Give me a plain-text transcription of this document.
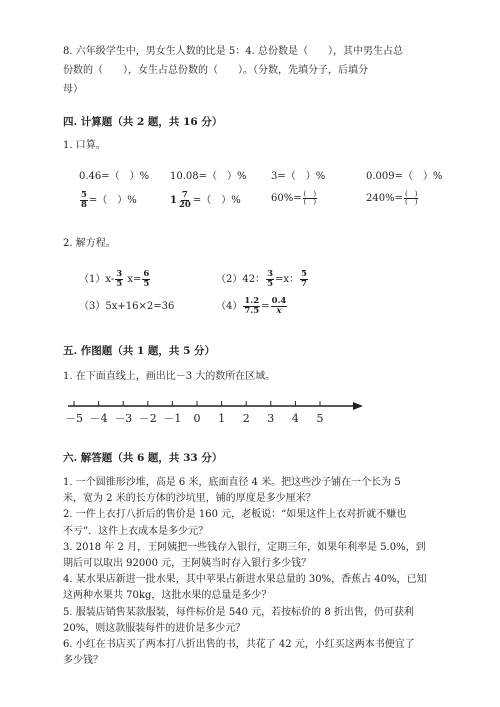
8. 六年级学生中，男女生人数的比是 5：4. 总份数是（　　），其中男生占总
份数的（　　），女生占总份数的（　　）。（分数，先填分子，后填分
母）
四. 计算题（共 2 题，共 16 分）
1. 口算。
0.46=（　）% 10.08=（　）% 3=（　）%	0.009=（　）%
$\frac{5}{8}$ =（　）%	$1 \frac{7}{20}$ =（　）%	$60\%= \frac{( )}{( )}$	$240\%= \frac{( )}{( )}$
2. 解方程。
$(1)x- \frac{3}{5} x= \frac{6}{5}$	（2）42： $\frac{3}{5} =x$： $\frac{5}{7}$
（3）5x+16×2=36	$(4) \frac{1.2}{7.5} = \frac{0.4}{x}$
五. 作图题（共 1 题，共 5 分）
1. 在下面直线上，画出比－3 大的数所在区域。
－5 －4 －3 －2 －1 0 1 2 3 4 5
六. 解答题（共 6 题，共 33 分）
1. 一个圆锥形沙堆，高是 6 米，底面直径 4 米。把这些沙子铺在一个长为 5
米，宽为 2 米的长方体的沙坑里，铺的厚度是多少厘米？
2. 一件上衣打八折后的售价是 160 元，老板说：“如果这件上衣对折就不赚也
不亏”．这件上衣成本是多少元？
3. 2018 年 2 月，王阿姨把一些钱存入银行，定期三年，如果年利率是 5.0%，到
期后可以取出 92000 元，王阿姨当时存入银行多少钱？
4. 某水果店新进一批水果，其中苹果占新进水果总量的 30%，香蕉占 40%，已知
这两种水果共 70kg，这批水果的总量是多少？
5. 服装店销售某款服装，每件标价是 540 元，若按标价的 8 折出售，仍可获利
20%，则这款服装每件的进价是多少元？
6. 小红在书店买了两本打八折出售的书，共花了 42 元，小红买这两本书便宜了
多少钱？
